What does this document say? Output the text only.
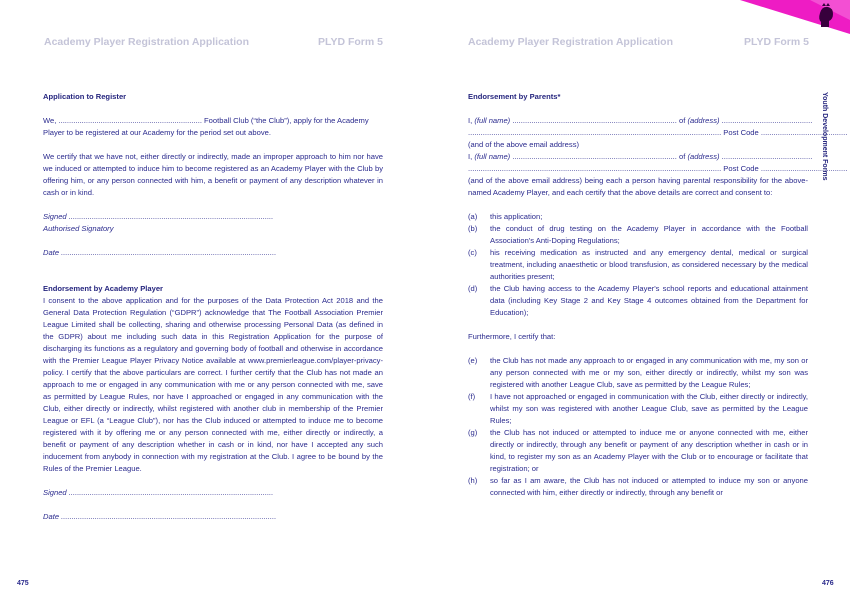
Academy Player Registration Application	PLYD Form 5	Academy Player Registration Application	PLYD Form 5
Youth Development Forms

Application to Register

We, .................................................................... Football Club (“the Club”), apply for the Academy

Player to be registered at our Academy for the period set out above.

We certify that we have not, either directly or indirectly, made an improper approach to him nor have we induced or attempted to induce him to become registered as an Academy Player with the Club by offering him, or any person connected with him, a benefit or payment of any description whatever in cash or in kind.

Signed .................................................................................................

Authorised Signatory

Date ......................................................................................................

Endorsement by Academy Player

I consent to the above application and for the purposes of the Data Protection Act 2018 and the General Data Protection Regulation (“GDPR”) acknowledge that The Football Association Premier League Limited shall be collecting, sharing and otherwise processing Personal Data (as defined in the GDPR) about me including such data in this Registration Application for the purpose of discharging its functions as a regulatory and governing body of football and otherwise in accordance with the Premier League Player Privacy Notice available at www.premierleague.com/player-privacy-policy. I certify that the above particulars are correct. I further certify that the Club has not made an approach to me or engaged in any communication with me or any person connected with me, save as permitted by League Rules, nor have I approached or engaged in any communication with the Club, either directly or indirectly, whilst registered with another club in membership of the Premier League or EFL (a “League Club”), nor has the Club induced or attempted to induce me to become registered with it by offering me or any person connected with me, either directly or indirectly, a benefit or payment of any description whether in cash or in kind, nor have I accepted any such inducement from anybody in connection with my registration at the Club. I agree to be bound by the Rules of the Premier League.

Signed .................................................................................................

Date ......................................................................................................

Endorsement by Parents*

I, (full name) .............................................................................. of (address) ...........................................

........................................................................................................................ Post Code .........................................

(and of the above email address)

I, (full name) .............................................................................. of (address) ...........................................

........................................................................................................................ Post Code .........................................

(and of the above email address) being each a person having parental responsibility for the above-named Academy Player, and each certify that the above details are correct and consent to:

(a)	this application;
(b)	the conduct of drug testing on the Academy Player in accordance with the Football Association's Anti-Doping Regulations;
(c)	his receiving medication as instructed and any emergency dental, medical or surgical treatment, including anaesthetic or blood transfusion, as considered necessary by the medical authorities present;
(d)	the Club having access to the Academy Player's school reports and educational attainment data (including Key Stage 2 and Key Stage 4 outcomes obtained from the Department for Education);

Furthermore, I certify that:

(e)	the Club has not made any approach to or engaged in any communication with me, my son or any person connected with me or my son, either directly or indirectly, whilst my son was registered with another League Club, save as permitted by the League Rules;
(f)	I have not approached or engaged in communication with the Club, either directly or indirectly, whilst my son was registered with another League Club, save as permitted by the League Rules;
(g)	the Club has not induced or attempted to induce me or anyone connected with me, either directly or indirectly, through any benefit or payment of any description whether in cash or in kind, to register my son as an Academy Player with the Club or to encourage or facilitate that registration; or
(h)	so far as I am aware, the Club has not induced or attempted to induce my son or anyone connected with him, either directly or indirectly, through any benefit or
475	476
